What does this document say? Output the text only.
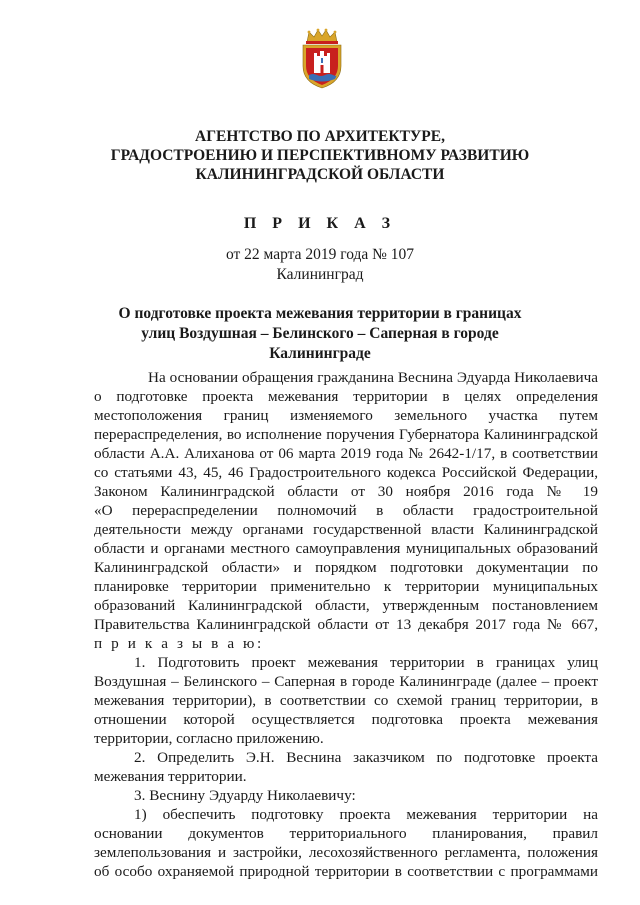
АГЕНТСТВО ПО АРХИТЕКТУРЕ,
ГРАДОСТРОЕНИЮ И ПЕРСПЕКТИВНОМУ РАЗВИТИЮ
КАЛИНИНГРАДСКОЙ ОБЛАСТИ
П Р И К А З
от 22 марта 2019 года № 107
Калининград
О подготовке проекта межевания территории в границах
улиц Воздушная – Белинского – Саперная в городе
Калининграде
На основании обращения гражданина Веснина Эдуарда Николаевича
о подготовке проекта межевания территории в целях определения
местоположения границ изменяемого земельного участка путем
перераспределения, во исполнение поручения Губернатора Калининградской
области А.А. Алиханова от 06 марта 2019 года № 2642-1/17, в соответствии
со статьями 43, 45, 46 Градостроительного кодекса Российской Федерации,
Законом Калининградской области от 30 ноября 2016 года № 19
«О перераспределении полномочий в области градостроительной
деятельности между органами государственной власти Калининградской
области и органами местного самоуправления муниципальных образований
Калининградской области» и порядком подготовки документации по
планировке территории применительно к территории муниципальных
образований Калининградской области, утвержденным постановлением
Правительства Калининградской области от 13 декабря 2017 года № 667,
п р и к а з ы в а ю:
1. Подготовить проект межевания территории в границах улиц
Воздушная – Белинского – Саперная в городе Калининграде (далее – проект
межевания территории), в соответствии со схемой границ территории, в
отношении которой осуществляется подготовка проекта межевания
территории, согласно приложению.
2. Определить Э.Н. Веснина заказчиком по подготовке проекта
межевания территории.
3. Веснину Эдуарду Николаевичу:
1) обеспечить подготовку проекта межевания территории на
основании документов территориального планирования, правил
землепользования и застройки, лесохозяйственного регламента, положения
об особо охраняемой природной территории в соответствии с программами
